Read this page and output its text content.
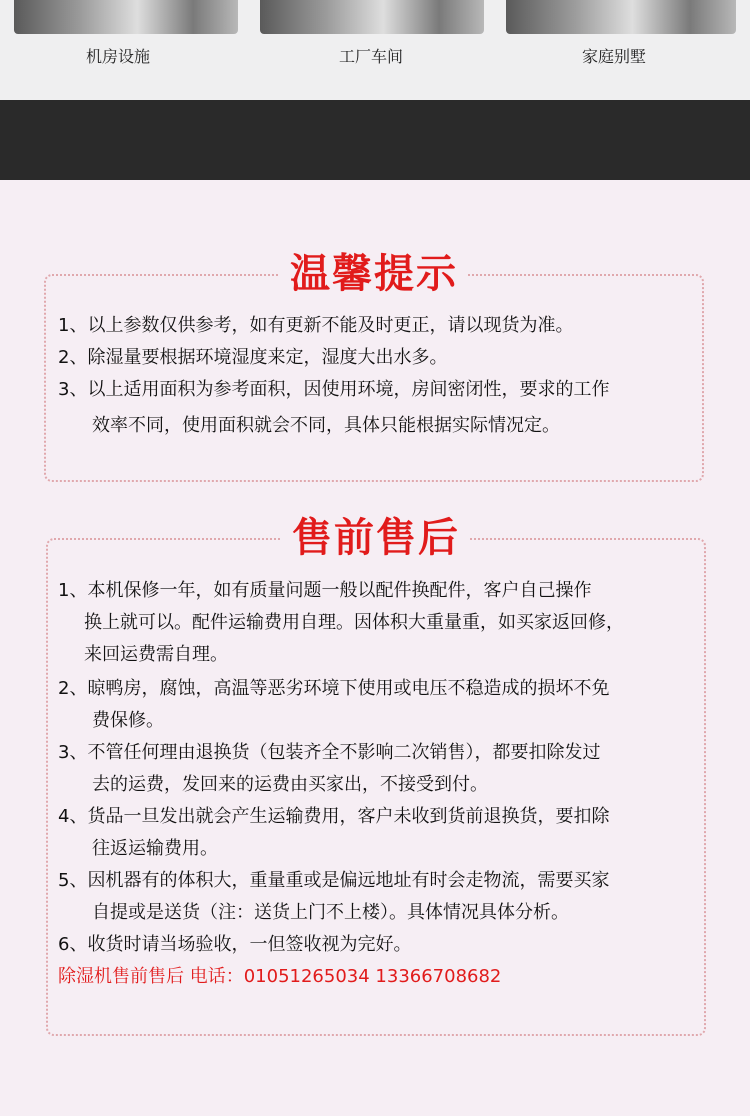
机房设施	工厂车间	家庭别墅
温馨提示
1、以上参数仅供参考，如有更新不能及时更正，请以现货为准。
2、除湿量要根据环境湿度来定，湿度大出水多。
3、以上适用面积为参考面积，因使用环境，房间密闭性，要求的工作
效率不同，使用面积就会不同，具体只能根据实际情况定。
售前售后
1、本机保修一年，如有质量问题一般以配件换配件，客户自己操作
换上就可以。配件运输费用自理。因体积大重量重，如买家返回修，
来回运费需自理。
2、晾鸭房，腐蚀，高温等恶劣环境下使用或电压不稳造成的损坏不免
费保修。
3、不管任何理由退换货（包装齐全不影响二次销售），都要扣除发过
去的运费，发回来的运费由买家出，不接受到付。
4、货品一旦发出就会产生运输费用，客户未收到货前退换货，要扣除
往返运输费用。
5、因机器有的体积大，重量重或是偏远地址有时会走物流，需要买家
自提或是送货（注：送货上门不上楼）。具体情况具体分析。
6、收货时请当场验收，一但签收视为完好。
除湿机售前售后 电话：01051265034 13366708682
